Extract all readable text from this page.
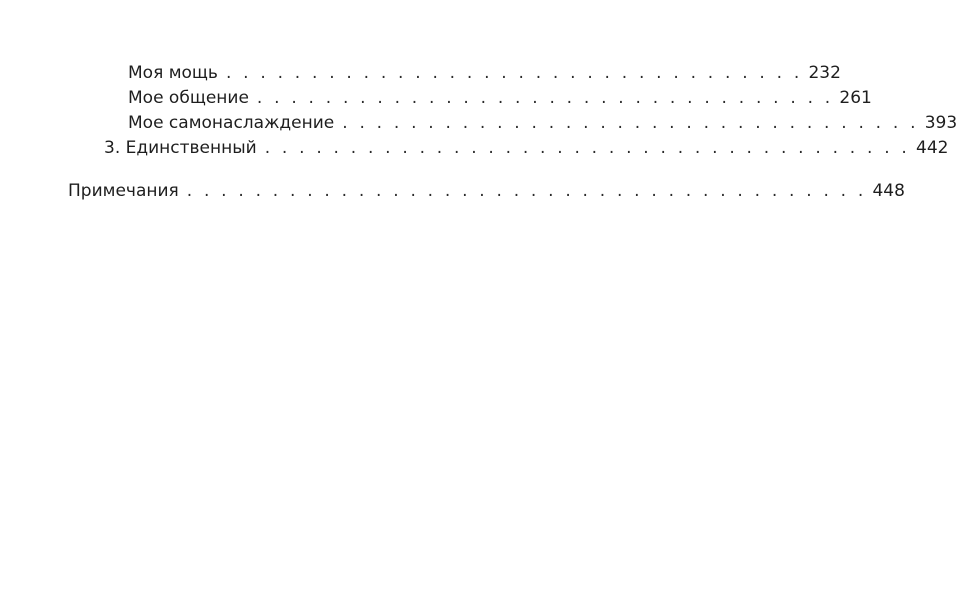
Моя мощь . . . . . . . . . . . . . . . . . . . . . . . . . . . . . . . . . . 232
Мое общение . . . . . . . . . . . . . . . . . . . . . . . . . . . . . . . . . . 261
Мое самонаслаждение . . . . . . . . . . . . . . . . . . . . . . . . . . . . . . . . . . 393
3. Единственный . . . . . . . . . . . . . . . . . . . . . . . . . . . . . . . . . . . . . . 442
Примечания . . . . . . . . . . . . . . . . . . . . . . . . . . . . . . . . . . . . . . . . 448
